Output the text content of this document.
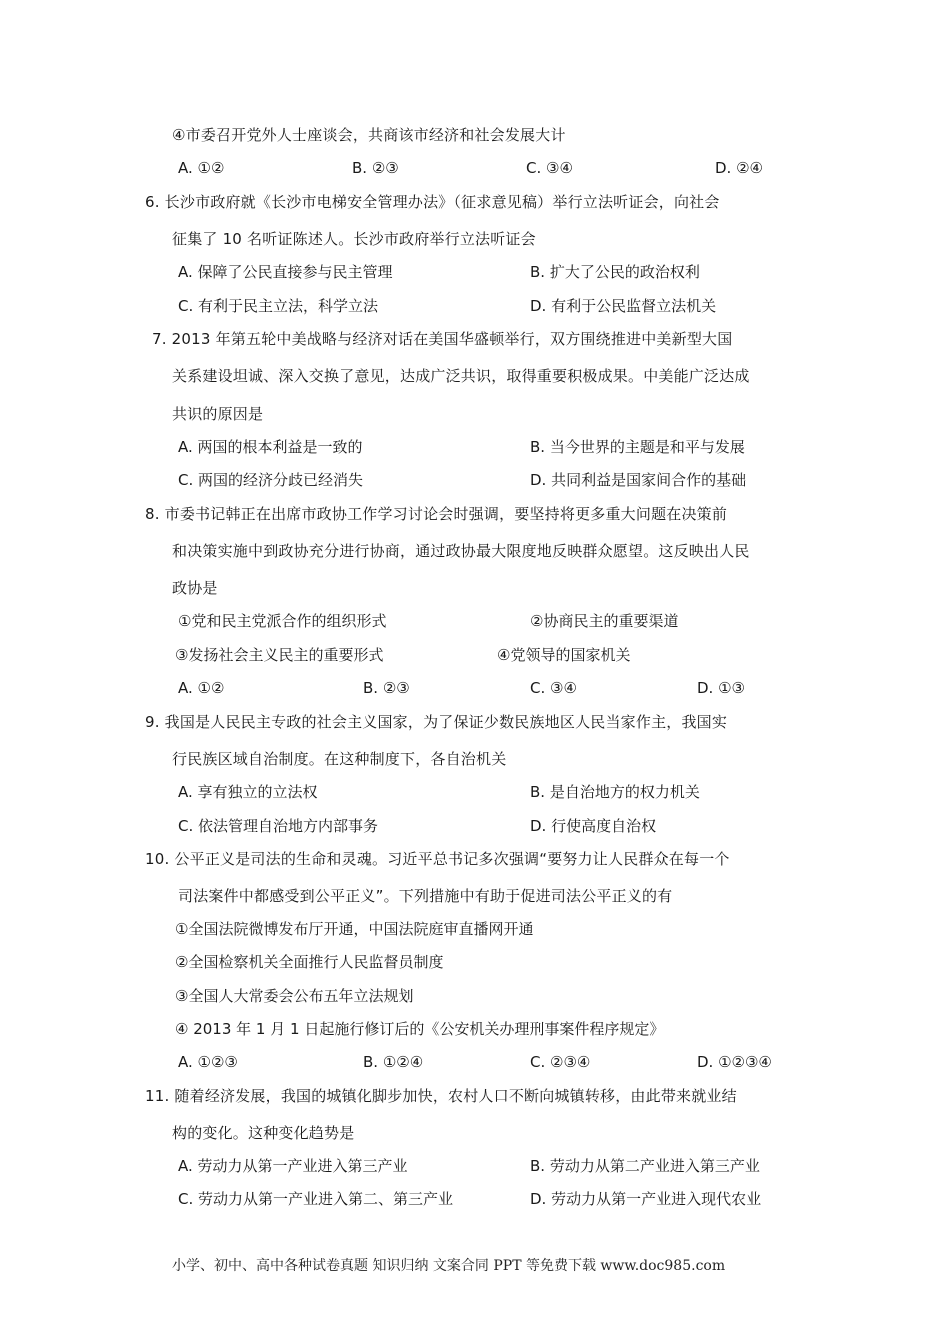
④市委召开党外人士座谈会，共商该市经济和社会发展大计
A. ①②	B. ②③	C. ③④	D. ②④
6. 长沙市政府就《长沙市电梯安全管理办法》（征求意见稿）举行立法听证会，向社会
征集了 10 名听证陈述人。长沙市政府举行立法听证会
A. 保障了公民直接参与民主管理	B. 扩大了公民的政治权利
C. 有利于民主立法，科学立法	D. 有利于公民监督立法机关
7. 2013 年第五轮中美战略与经济对话在美国华盛顿举行，双方围绕推进中美新型大国
关系建设坦诚、深入交换了意见，达成广泛共识，取得重要积极成果。中美能广泛达成
共识的原因是
A. 两国的根本利益是一致的	B. 当今世界的主题是和平与发展
C. 两国的经济分歧已经消失	D. 共同利益是国家间合作的基础
8. 市委书记韩正在出席市政协工作学习讨论会时强调，要坚持将更多重大问题在决策前
和决策实施中到政协充分进行协商，通过政协最大限度地反映群众愿望。这反映出人民
政协是
①党和民主党派合作的组织形式	②协商民主的重要渠道
③发扬社会主义民主的重要形式	④党领导的国家机关
A. ①②	B. ②③	C. ③④	D. ①③
9. 我国是人民民主专政的社会主义国家，为了保证少数民族地区人民当家作主，我国实
行民族区域自治制度。在这种制度下，各自治机关
A. 享有独立的立法权	B. 是自治地方的权力机关
C. 依法管理自治地方内部事务	D. 行使高度自治权
10. 公平正义是司法的生命和灵魂。习近平总书记多次强调“要努力让人民群众在每一个
司法案件中都感受到公平正义”。下列措施中有助于促进司法公平正义的有
①全国法院微博发布厅开通，中国法院庭审直播网开通
②全国检察机关全面推行人民监督员制度
③全国人大常委会公布五年立法规划
④ 2013 年 1 月 1 日起施行修订后的《公安机关办理刑事案件程序规定》
A. ①②③	B. ①②④	C. ②③④	D. ①②③④
11. 随着经济发展，我国的城镇化脚步加快，农村人口不断向城镇转移，由此带来就业结
构的变化。这种变化趋势是
A. 劳动力从第一产业进入第三产业	B. 劳动力从第二产业进入第三产业
C. 劳动力从第一产业进入第二、第三产业	D. 劳动力从第一产业进入现代农业
小学、初中、高中各种试卷真题 知识归纳 文案合同 PPT 等免费下载 www.doc985.com
